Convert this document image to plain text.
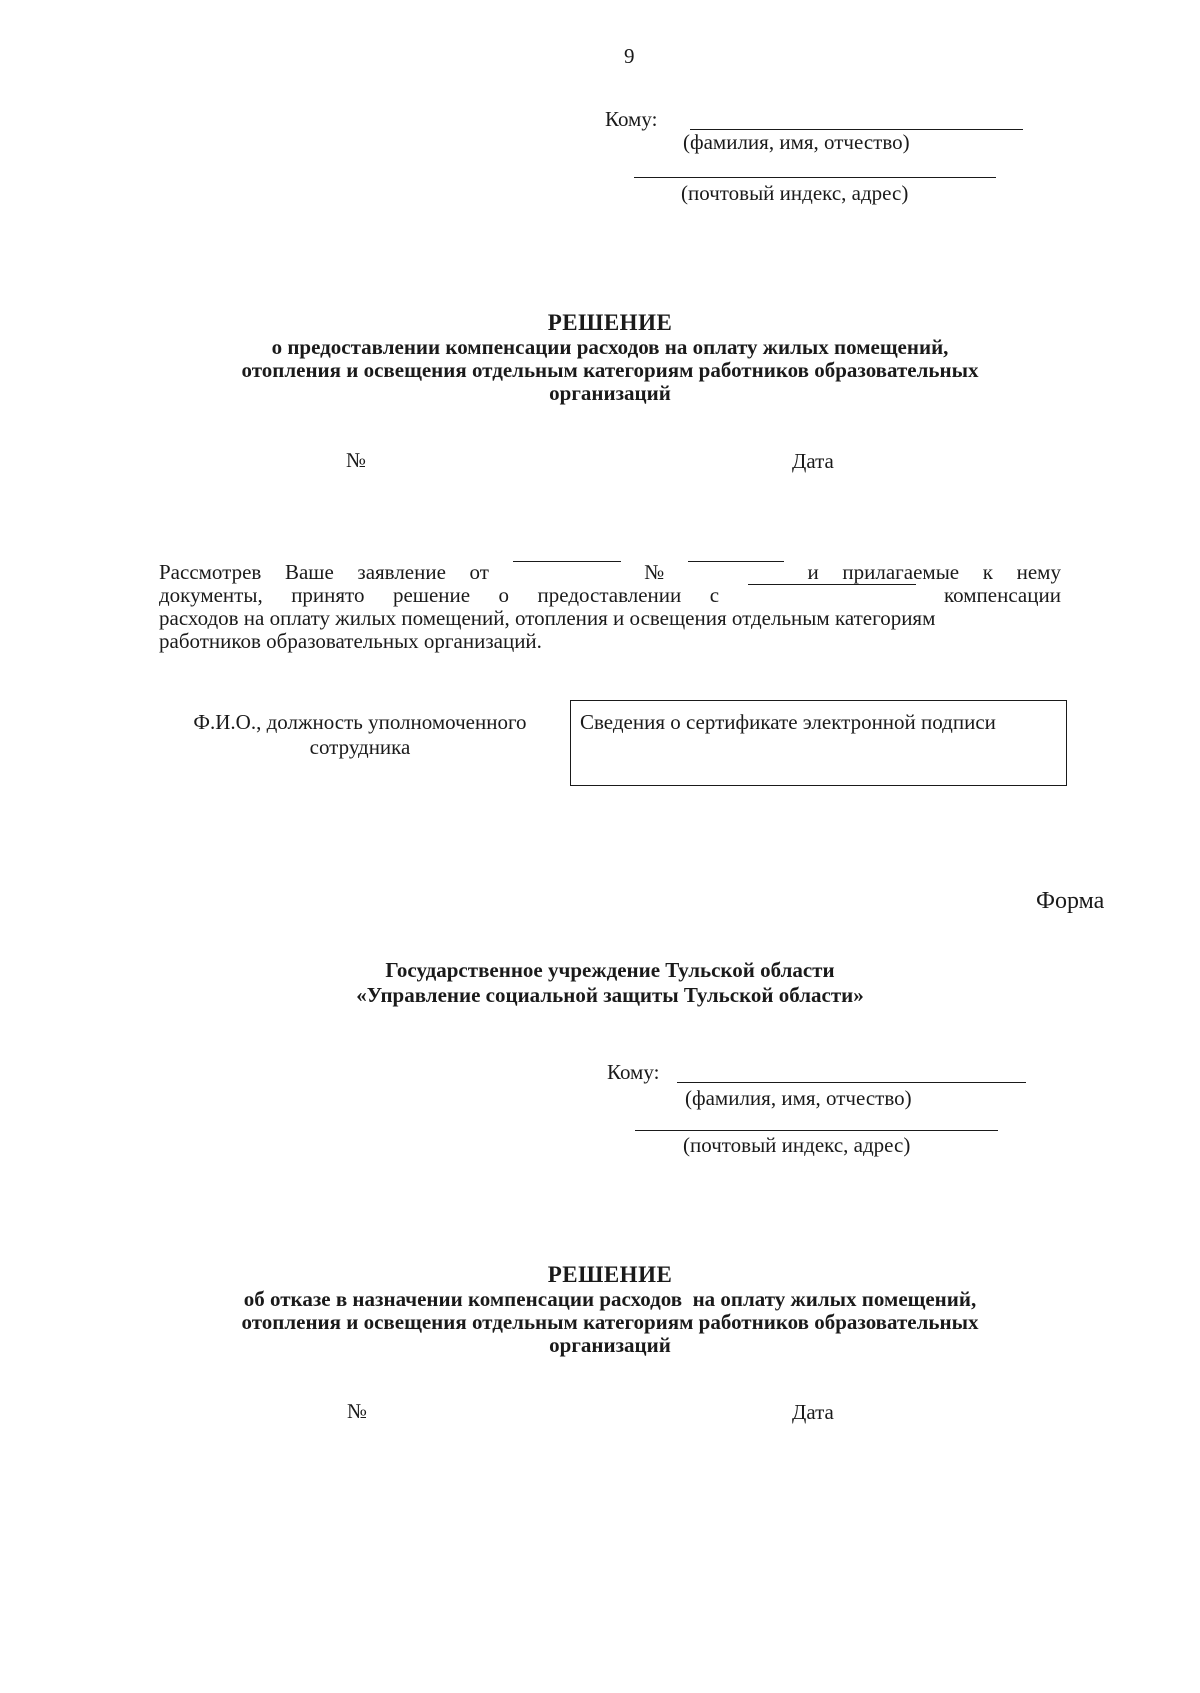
9
Кому:
(фамилия, имя, отчество)
(почтовый индекс, адрес)
РЕШЕНИЕ
о предоставлении компенсации расходов на оплату жилых помещений,
отопления и освещения отдельным категориям работников образовательных
организаций
№	Дата
Рассмотрев Ваше заявление от	№	и прилагаемые к нему
документы, принято решение о предоставлении с	компенсации
расходов на оплату жилых помещений, отопления и освещения отдельным категориям
работников образовательных организаций.
Ф.И.О., должность уполномоченного
сотрудника
Сведения о сертификате электронной подписи
Форма
Государственное учреждение Тульской области
«Управление социальной защиты Тульской области»
Кому:
(фамилия, имя, отчество)
(почтовый индекс, адрес)
РЕШЕНИЕ
об отказе в назначении компенсации расходов  на оплату жилых помещений,
отопления и освещения отдельным категориям работников образовательных
организаций
№	Дата
